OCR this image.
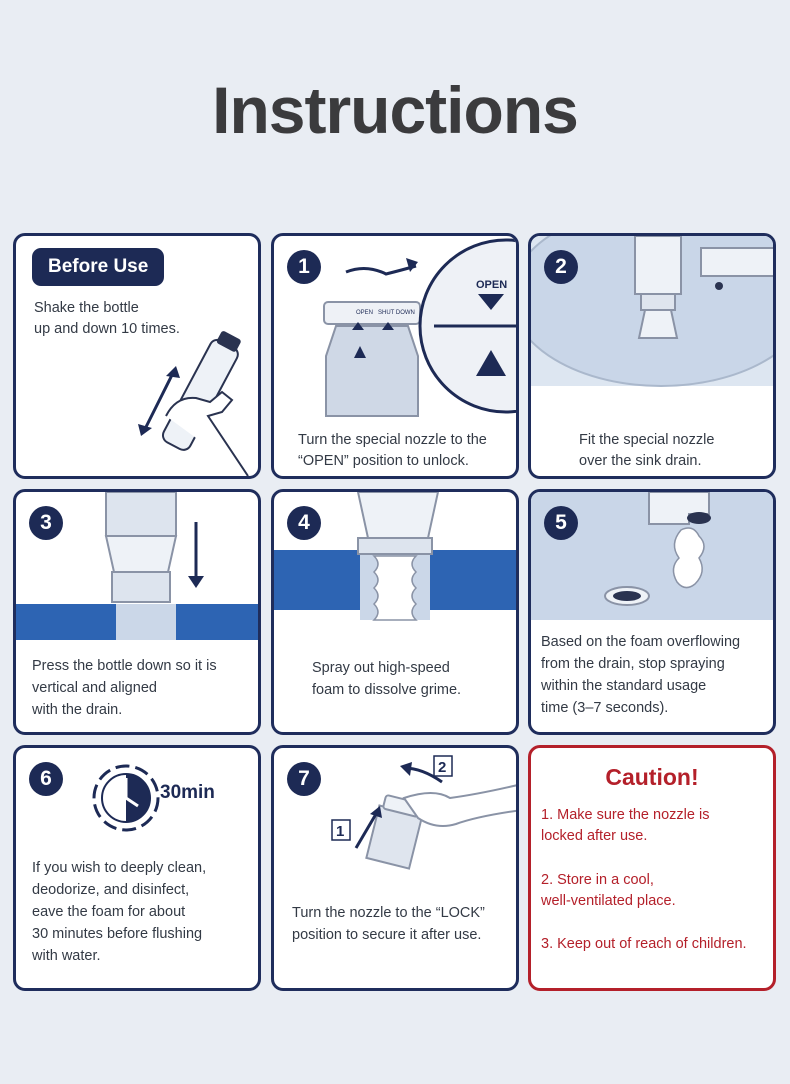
Instructions
Before Use
Shake the bottle
up and down 10 times.
OPEN SHUT DOWN
OPEN
1
Turn the special nozzle to the
“OPEN” position to unlock.
2
Fit the special nozzle
over the sink drain.
3
Press the bottle down so it is
vertical and aligned
with the drain.
4
Spray out high-speed
foam to dissolve grime.
5
Based on the foam overflowing
from the drain, stop spraying
within the standard usage
time (3–7 seconds).
6
30min
If you wish to deeply clean,
deodorize, and disinfect,
eave the foam for about
30 minutes before flushing
with water.
1
2
7
Turn the nozzle to the “LOCK”
position to secure it after use.
Caution!
1. Make sure the nozzle is
locked after use.
2. Store in a cool,
well-ventilated place.
3. Keep out of reach of children.
